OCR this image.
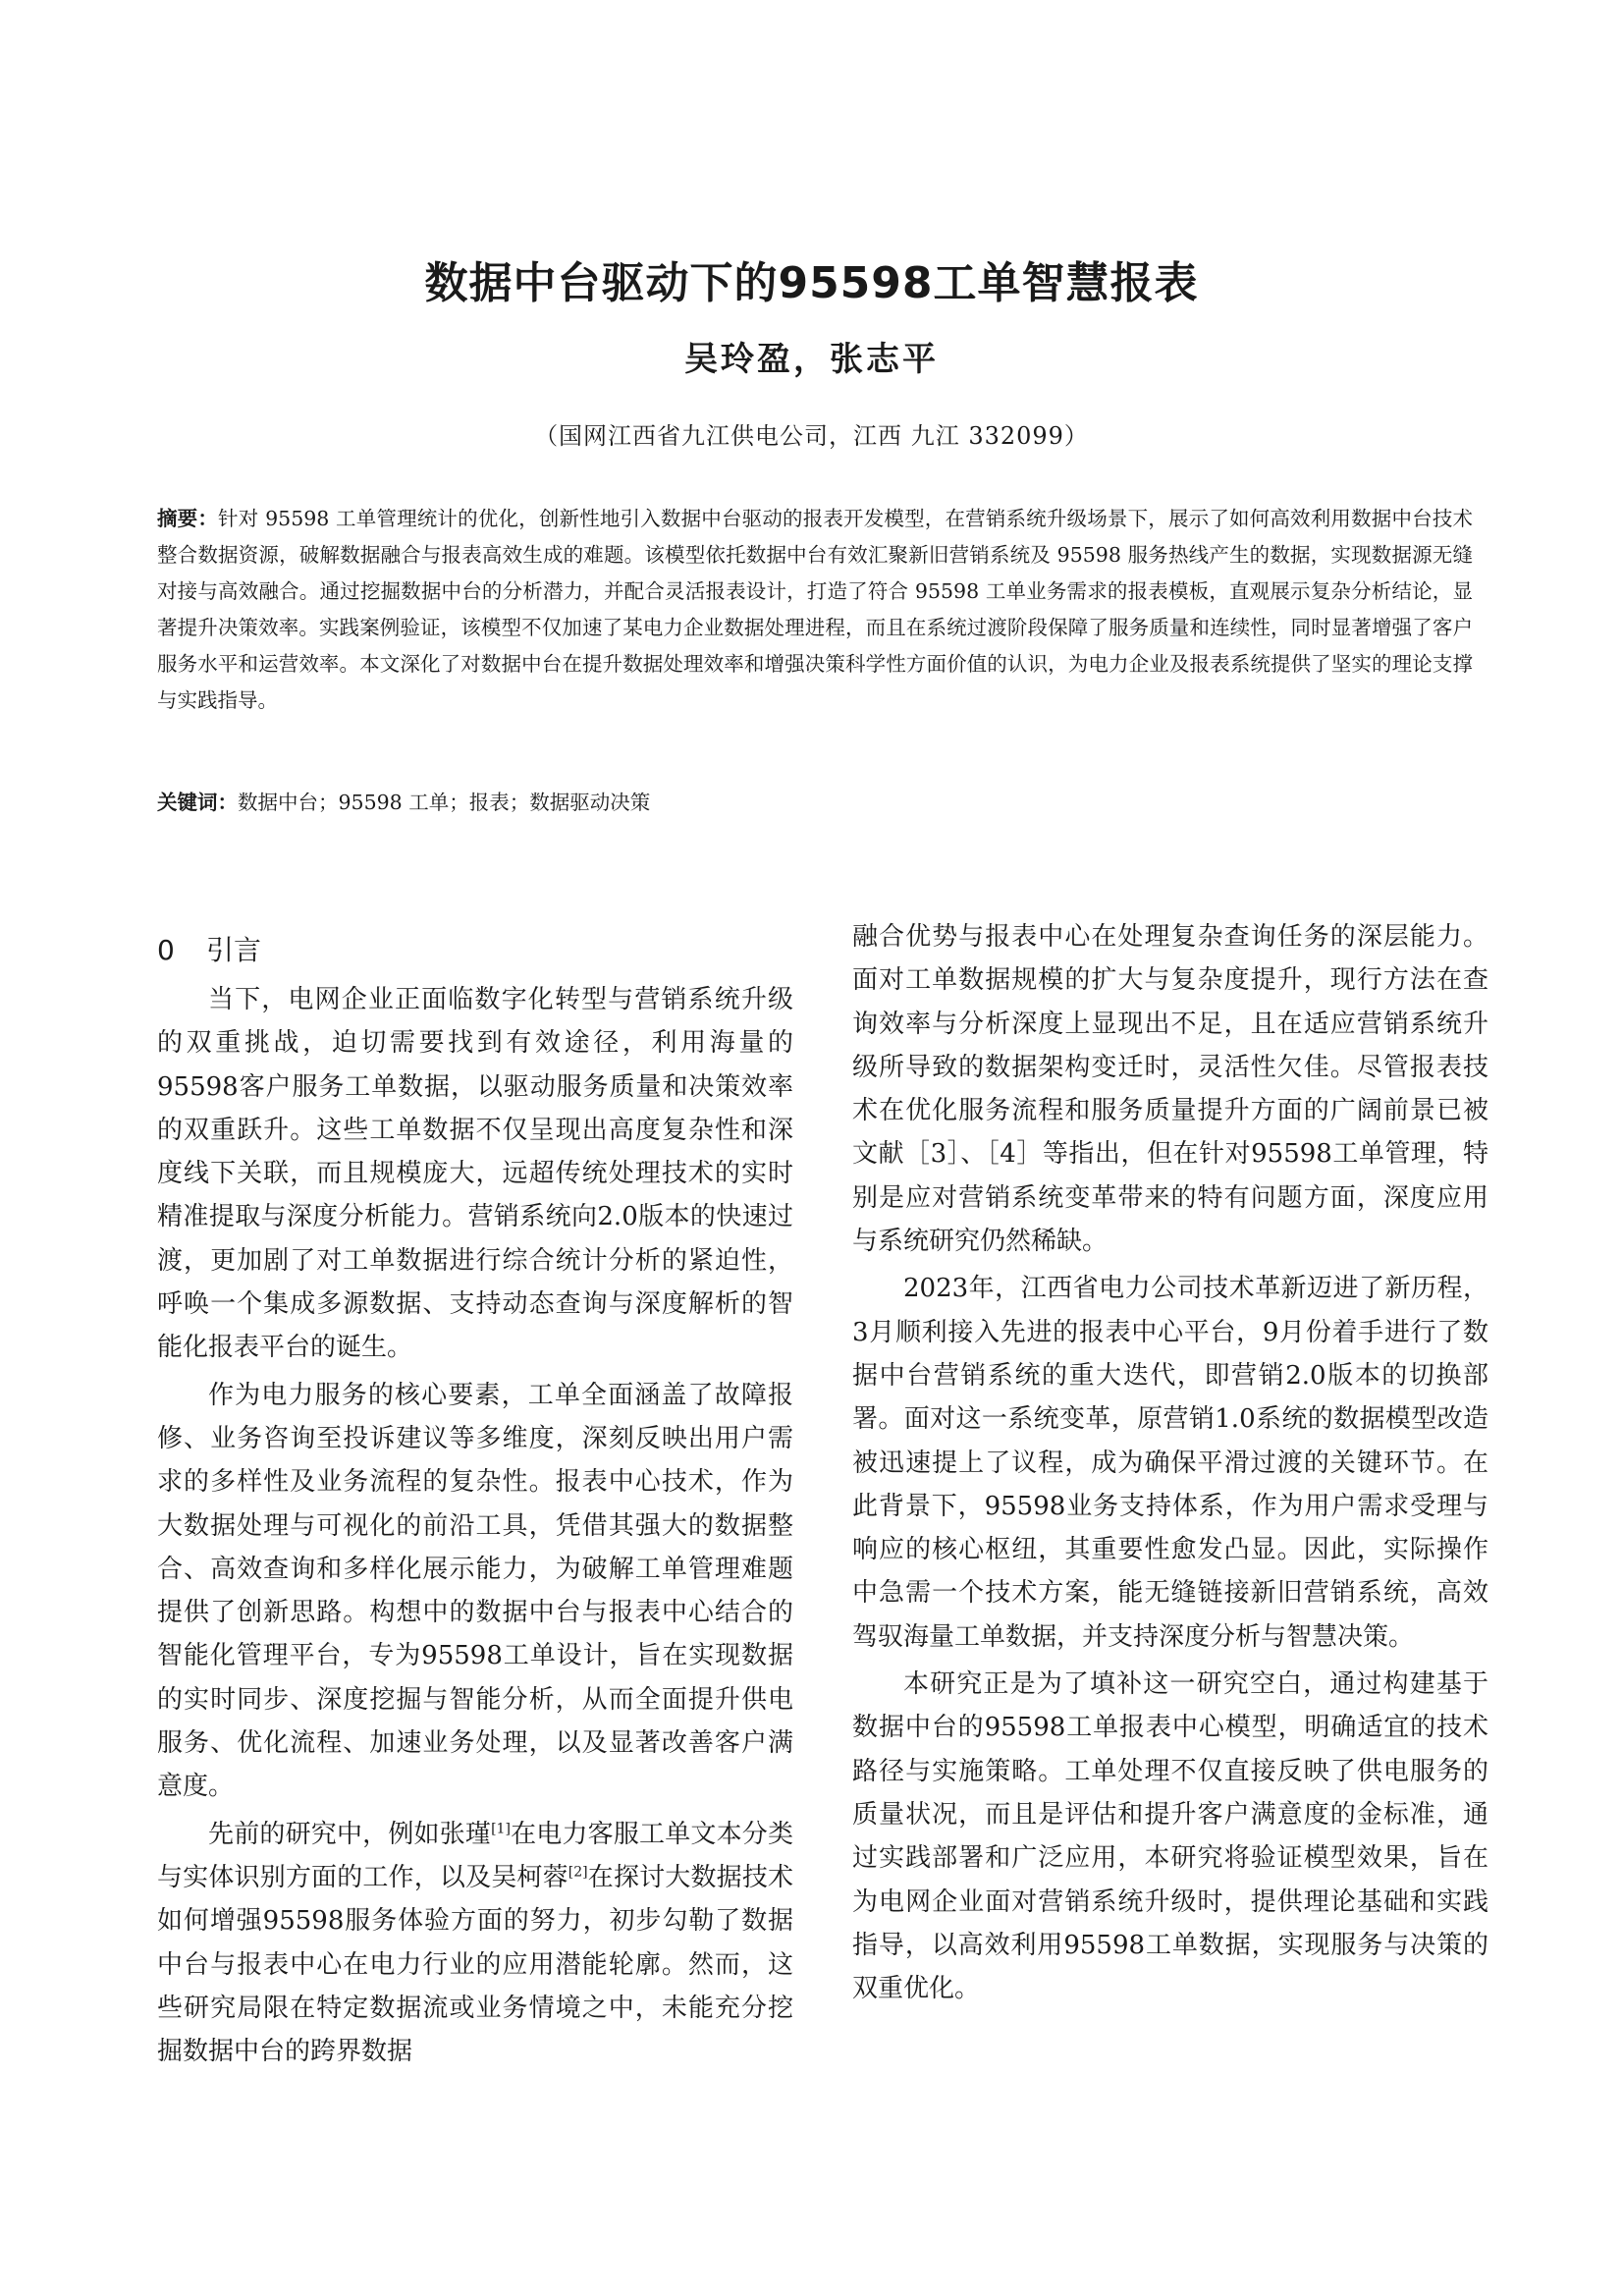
数据中台驱动下的95598工单智慧报表
吴玲盈，张志平
（国网江西省九江供电公司，江西 九江 332099）
摘要：针对 95598 工单管理统计的优化，创新性地引入数据中台驱动的报表开发模型，在营销系统升级场景下，展示了如何高效利用数据中台技术整合数据资源，破解数据融合与报表高效生成的难题。该模型依托数据中台有效汇聚新旧营销系统及 95598 服务热线产生的数据，实现数据源无缝对接与高效融合。通过挖掘数据中台的分析潜力，并配合灵活报表设计，打造了符合 95598 工单业务需求的报表模板，直观展示复杂分析结论，显著提升决策效率。实践案例验证，该模型不仅加速了某电力企业数据处理进程，而且在系统过渡阶段保障了服务质量和连续性，同时显著增强了客户服务水平和运营效率。本文深化了对数据中台在提升数据处理效率和增强决策科学性方面价值的认识，为电力企业及报表系统提供了坚实的理论支撑与实践指导。
关键词：数据中台；95598 工单；报表；数据驱动决策
0 引言

当下，电网企业正面临数字化转型与营销系统升级的双重挑战，迫切需要找到有效途径，利用海量的95598客户服务工单数据，以驱动服务质量和决策效率的双重跃升。这些工单数据不仅呈现出高度复杂性和深度线下关联，而且规模庞大，远超传统处理技术的实时精准提取与深度分析能力。营销系统向2.0版本的快速过渡，更加剧了对工单数据进行综合统计分析的紧迫性，呼唤一个集成多源数据、支持动态查询与深度解析的智能化报表平台的诞生。

作为电力服务的核心要素，工单全面涵盖了故障报修、业务咨询至投诉建议等多维度，深刻反映出用户需求的多样性及业务流程的复杂性。报表中心技术，作为大数据处理与可视化的前沿工具，凭借其强大的数据整合、高效查询和多样化展示能力，为破解工单管理难题提供了创新思路。构想中的数据中台与报表中心结合的智能化管理平台，专为95598工单设计，旨在实现数据的实时同步、深度挖掘与智能分析，从而全面提升供电服务、优化流程、加速业务处理，以及显著改善客户满意度。

先前的研究中，例如张瑾[1]在电力客服工单文本分类与实体识别方面的工作，以及吴柯蓉[2]在探讨大数据技术如何增强95598服务体验方面的努力，初步勾勒了数据中台与报表中心在电力行业的应用潜能轮廓。然而，这些研究局限在特定数据流或业务情境之中，未能充分挖掘数据中台的跨界数据

融合优势与报表中心在处理复杂查询任务的深层能力。面对工单数据规模的扩大与复杂度提升，现行方法在查询效率与分析深度上显现出不足，且在适应营销系统升级所导致的数据架构变迁时，灵活性欠佳。尽管报表技术在优化服务流程和服务质量提升方面的广阔前景已被文献［3］、［4］等指出，但在针对95598工单管理，特别是应对营销系统变革带来的特有问题方面，深度应用与系统研究仍然稀缺。

2023年，江西省电力公司技术革新迈进了新历程，3月顺利接入先进的报表中心平台，9月份着手进行了数据中台营销系统的重大迭代，即营销2.0版本的切换部署。面对这一系统变革，原营销1.0系统的数据模型改造被迅速提上了议程，成为确保平滑过渡的关键环节。在此背景下，95598业务支持体系，作为用户需求受理与响应的核心枢纽，其重要性愈发凸显。因此，实际操作中急需一个技术方案，能无缝链接新旧营销系统，高效驾驭海量工单数据，并支持深度分析与智慧决策。

本研究正是为了填补这一研究空白，通过构建基于数据中台的95598工单报表中心模型，明确适宜的技术路径与实施策略。工单处理不仅直接反映了供电服务的质量状况，而且是评估和提升客户满意度的金标准，通过实践部署和广泛应用，本研究将验证模型效果，旨在为电网企业面对营销系统升级时，提供理论基础和实践指导，以高效利用95598工单数据，实现服务与决策的双重优化。
